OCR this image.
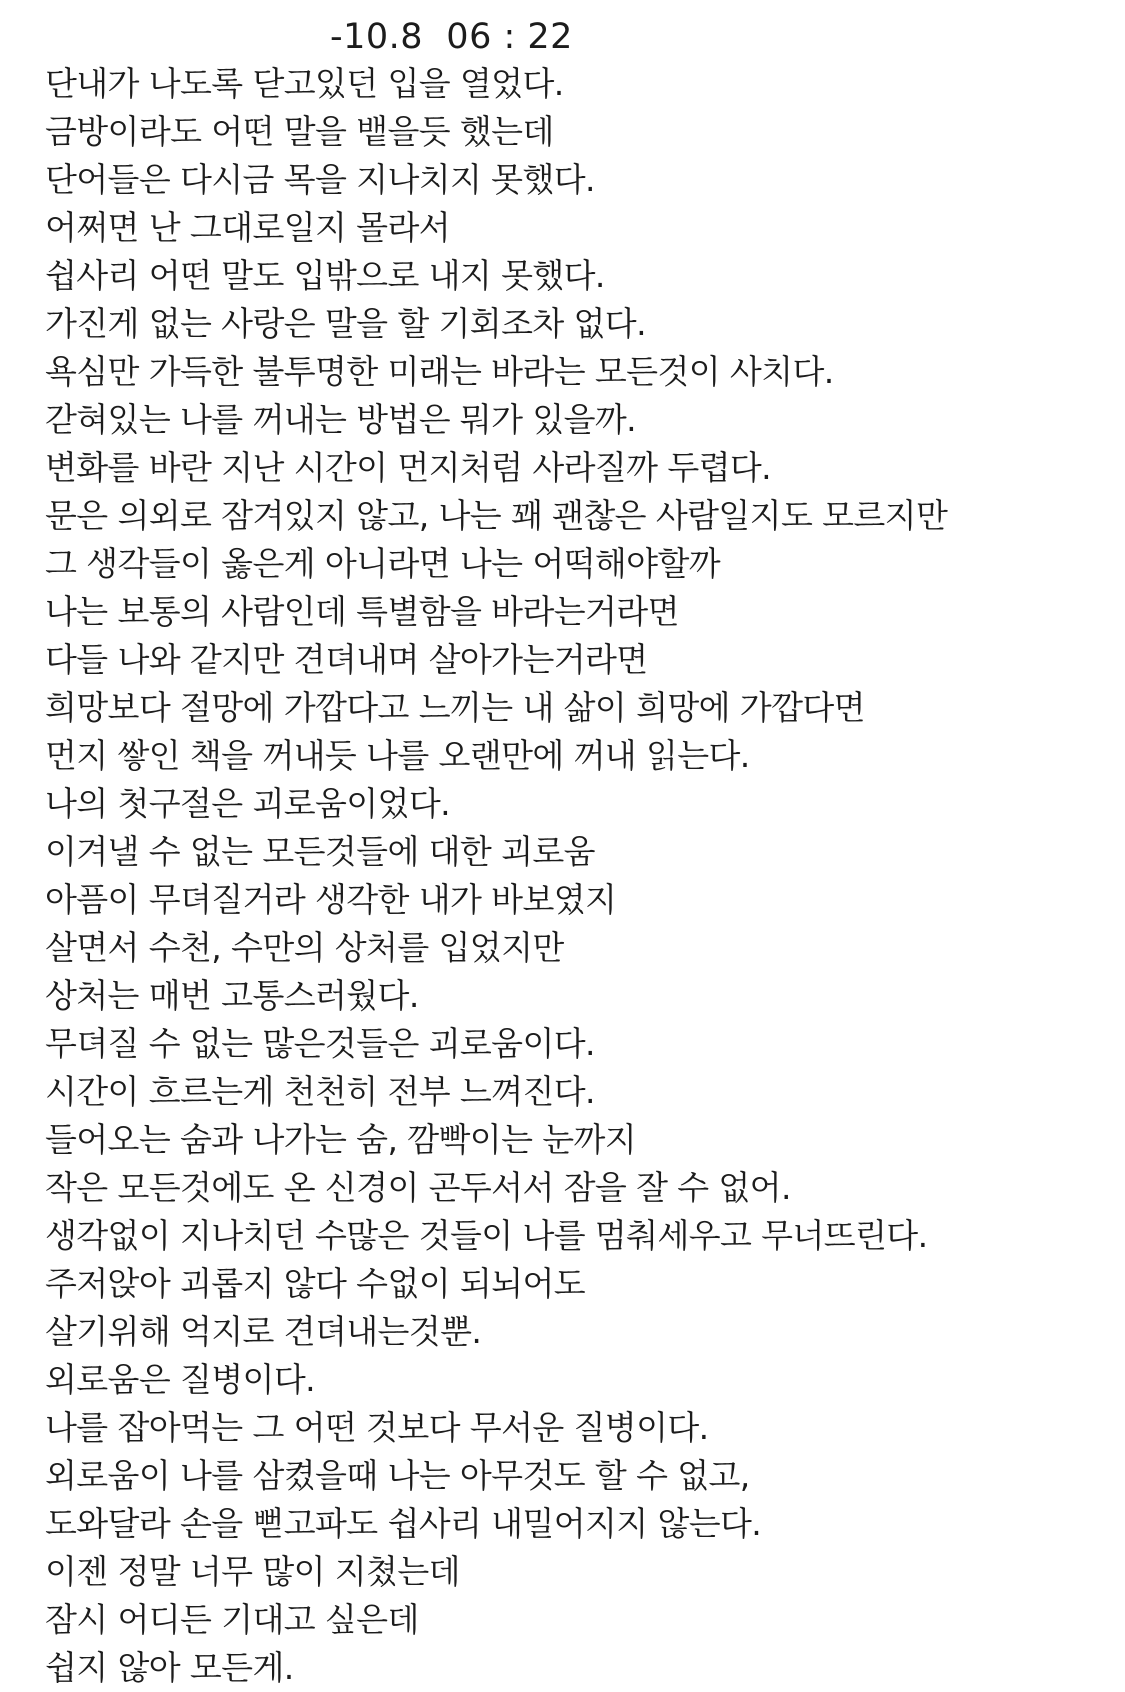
-10.8  06 : 22
단내가 나도록 닫고있던 입을 열었다.
금방이라도 어떤 말을 뱉을듯 했는데
단어들은 다시금 목을 지나치지 못했다.
어쩌면 난 그대로일지 몰라서
쉽사리 어떤 말도 입밖으로 내지 못했다.
가진게 없는 사랑은 말을 할 기회조차 없다.
욕심만 가득한 불투명한 미래는 바라는 모든것이 사치다.
갇혀있는 나를 꺼내는 방법은 뭐가 있을까.
변화를 바란 지난 시간이 먼지처럼 사라질까 두렵다.
문은 의외로 잠겨있지 않고, 나는 꽤 괜찮은 사람일지도 모르지만
그 생각들이 옳은게 아니라면 나는 어떡해야할까
나는 보통의 사람인데 특별함을 바라는거라면
다들 나와 같지만 견뎌내며 살아가는거라면
희망보다 절망에 가깝다고 느끼는 내 삶이 희망에 가깝다면
먼지 쌓인 책을 꺼내듯 나를 오랜만에 꺼내 읽는다.
나의 첫구절은 괴로움이었다.
이겨낼 수 없는 모든것들에 대한 괴로움
아픔이 무뎌질거라 생각한 내가 바보였지
살면서 수천, 수만의 상처를 입었지만
상처는 매번 고통스러웠다.
무뎌질 수 없는 많은것들은 괴로움이다.
시간이 흐르는게 천천히 전부 느껴진다.
들어오는 숨과 나가는 숨, 깜빡이는 눈까지
작은 모든것에도 온 신경이 곤두서서 잠을 잘 수 없어.
생각없이 지나치던 수많은 것들이 나를 멈춰세우고 무너뜨린다.
주저앉아 괴롭지 않다 수없이 되뇌어도
살기위해 억지로 견뎌내는것뿐.
외로움은 질병이다.
나를 잡아먹는 그 어떤 것보다 무서운 질병이다.
외로움이 나를 삼켰을때 나는 아무것도 할 수 없고,
도와달라 손을 뻗고파도 쉽사리 내밀어지지 않는다.
이젠 정말 너무 많이 지쳤는데
잠시 어디든 기대고 싶은데
쉽지 않아 모든게.
